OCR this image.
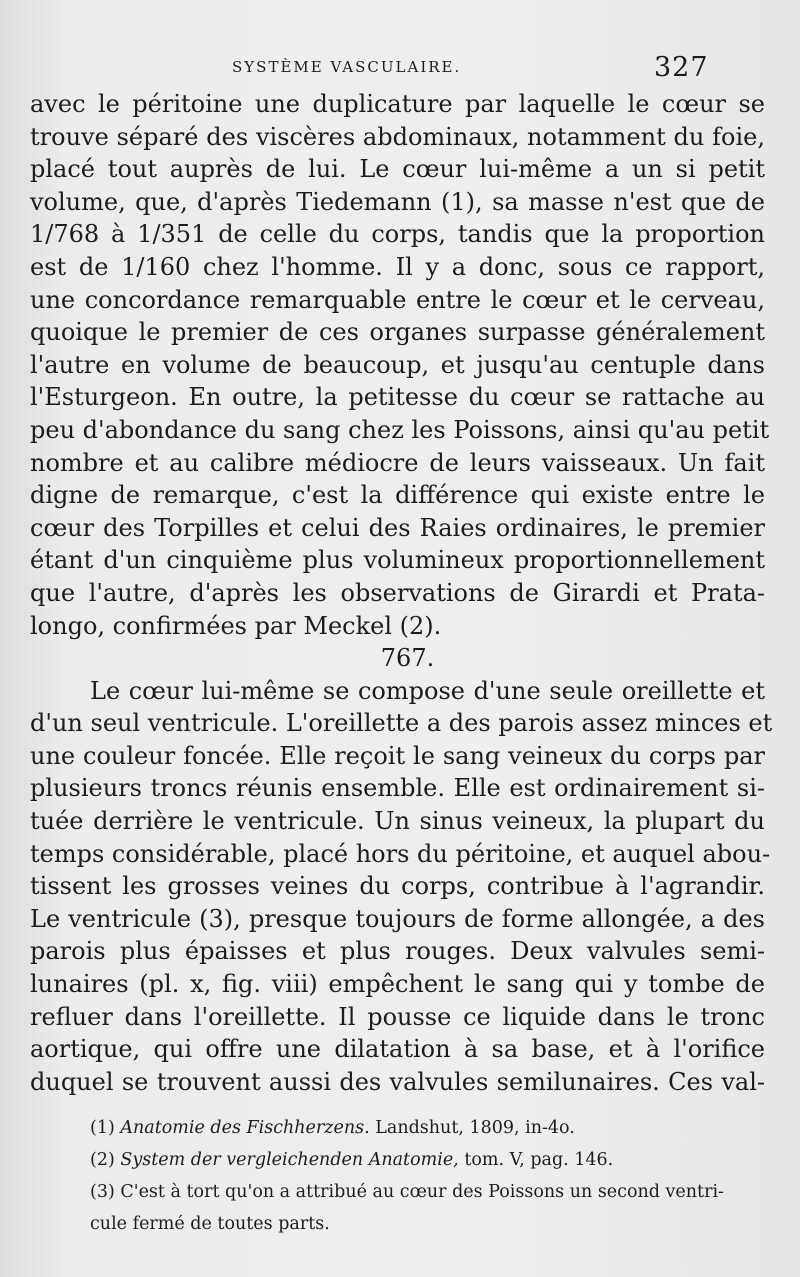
SYSTÈME VASCULAIRE.	327
avec le péritoine une duplicature par laquelle le cœur se
trouve séparé des viscères abdominaux, notamment du foie,
placé tout auprès de lui. Le cœur lui-même a un si petit
volume, que, d'après Tiedemann (1), sa masse n'est que de
1/768 à 1/351 de celle du corps, tandis que la proportion
est de 1/160 chez l'homme. Il y a donc, sous ce rapport,
une concordance remarquable entre le cœur et le cerveau,
quoique le premier de ces organes surpasse généralement
l'autre en volume de beaucoup, et jusqu'au centuple dans
l'Esturgeon. En outre, la petitesse du cœur se rattache au
peu d'abondance du sang chez les Poissons, ainsi qu'au petit
nombre et au calibre médiocre de leurs vaisseaux. Un fait
digne de remarque, c'est la différence qui existe entre le
cœur des Torpilles et celui des Raies ordinaires, le premier
étant d'un cinquième plus volumineux proportionnellement
que l'autre, d'après les observations de Girardi et Prata-
longo, confirmées par Meckel (2).
767.
Le cœur lui-même se compose d'une seule oreillette et
d'un seul ventricule. L'oreillette a des parois assez minces et
une couleur foncée. Elle reçoit le sang veineux du corps par
plusieurs troncs réunis ensemble. Elle est ordinairement si-
tuée derrière le ventricule. Un sinus veineux, la plupart du
temps considérable, placé hors du péritoine, et auquel abou-
tissent les grosses veines du corps, contribue à l'agrandir.
Le ventricule (3), presque toujours de forme allongée, a des
parois plus épaisses et plus rouges. Deux valvules semi-
lunaires (pl. x, fig. viii) empêchent le sang qui y tombe de
refluer dans l'oreillette. Il pousse ce liquide dans le tronc
aortique, qui offre une dilatation à sa base, et à l'orifice
duquel se trouvent aussi des valvules semilunaires. Ces val-
(1) Anatomie des Fischherzens. Landshut, 1809, in-4o.
(2) System der vergleichenden Anatomie, tom. V, pag. 146.
(3) C'est à tort qu'on a attribué au cœur des Poissons un second ventri-
cule fermé de toutes parts.
